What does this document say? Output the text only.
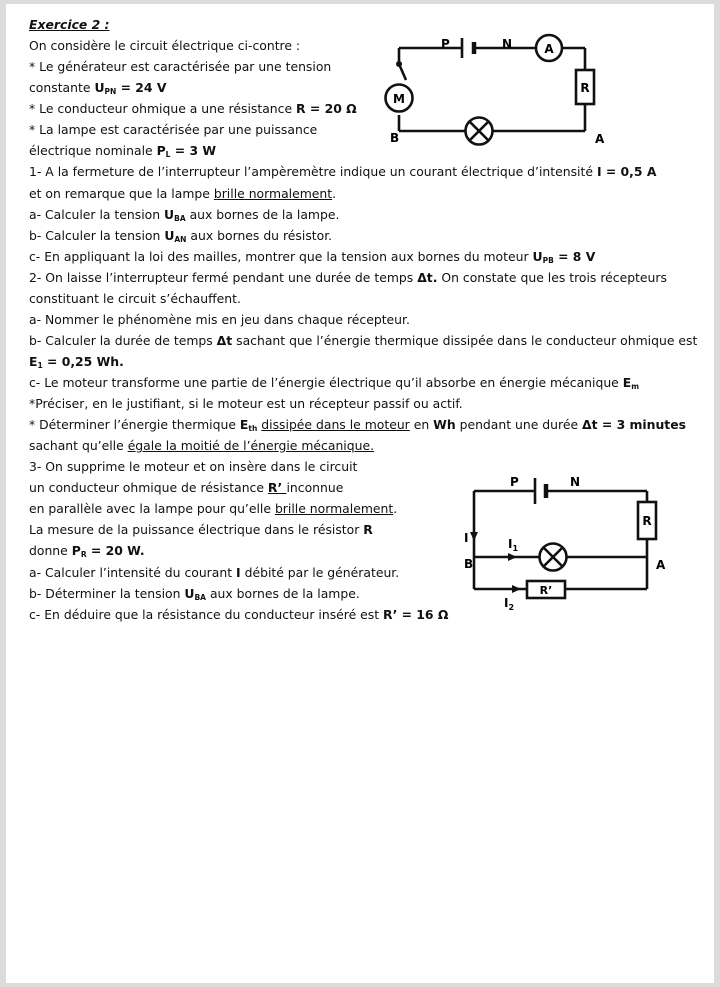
Exercice 2 :
On considère le circuit électrique ci-contre :
* Le générateur est caractérisée par une tension
constante $U_{PN} = 24$ V
* Le conducteur ohmique a une résistance R = 20 Ω
* La lampe est caractérisée par une puissance
électrique nominale $P_L = 3$ W
1- A la fermeture de l’interrupteur l’ampèremètre indique un courant électrique d’intensité I = 0,5 A
et on remarque que la lampe brille normalement.
a- Calculer la tension $U_{BA}$ aux bornes de la lampe.
b- Calculer la tension $U_{AN}$ aux bornes du résistor.
c- En appliquant la loi des mailles, montrer que la tension aux bornes du moteur $U_{PB} = 8$ V
2- On laisse l’interrupteur fermé pendant une durée de temps Δt. On constate que les trois récepteurs
constituant le circuit s’échauffent.
a- Nommer le phénomène mis en jeu dans chaque récepteur.
b- Calculer la durée de temps Δt sachant que l’énergie thermique dissipée dans le conducteur ohmique est
$E_1 = 0,25$ Wh.
c- Le moteur transforme une partie de l’énergie électrique qu’il absorbe en énergie mécanique $E_m$
*Préciser, en le justifiant, si le moteur est un récepteur passif ou actif.
* Déterminer l’énergie thermique $E_{th}$ dissipée dans le moteur en Wh pendant une durée Δt = 3 minutes
sachant qu’elle égale la moitié de l’énergie mécanique.
3- On supprime le moteur et on insère dans le circuit
un conducteur ohmique de résistance R’ inconnue
en parallèle avec la lampe pour qu’elle brille normalement.
La mesure de la puissance électrique dans le résistor R
donne $P_R = 20$ W.
a- Calculer l’intensité du courant I débité par le générateur.
b- Déterminer la tension $U_{BA}$ aux bornes de la lampe.
c- En déduire que la résistance du conducteur inséré est R’ = 16 Ω
P	N	A
R
M
B	A
P	N
R
I	$I_1$
B	A
R’
$I_2$
